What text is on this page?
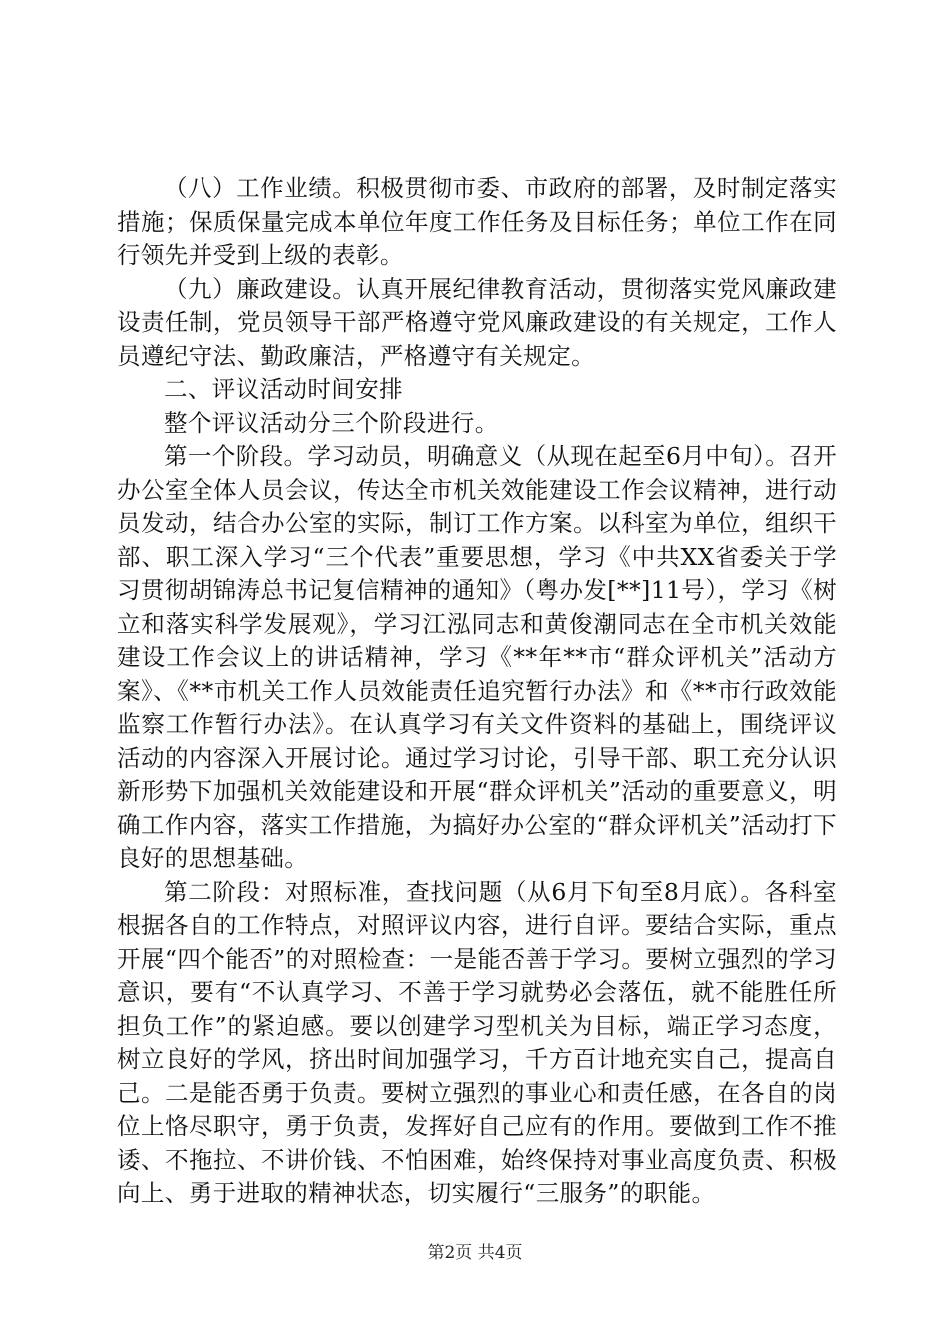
（八）工作业绩。积极贯彻市委、市政府的部署，及时制定落实措施；保质保量完成本单位年度工作任务及目标任务；单位工作在同行领先并受到上级的表彰。

（九）廉政建设。认真开展纪律教育活动，贯彻落实党风廉政建设责任制，党员领导干部严格遵守党风廉政建设的有关规定，工作人员遵纪守法、勤政廉洁，严格遵守有关规定。

二、评议活动时间安排

整个评议活动分三个阶段进行。

第一个阶段。学习动员，明确意义（从现在起至6月中旬）。召开办公室全体人员会议，传达全市机关效能建设工作会议精神，进行动员发动，结合办公室的实际，制订工作方案。以科室为单位，组织干部、职工深入学习“三个代表”重要思想，学习《中共XX省委关于学习贯彻胡锦涛总书记复信精神的通知》（粤办发[**]11号），学习《树立和落实科学发展观》，学习江泓同志和黄俊潮同志在全市机关效能建设工作会议上的讲话精神，学习《**年**市“群众评机关”活动方案》、《**市机关工作人员效能责任追究暂行办法》和《**市行政效能监察工作暂行办法》。在认真学习有关文件资料的基础上，围绕评议活动的内容深入开展讨论。通过学习讨论，引导干部、职工充分认识新形势下加强机关效能建设和开展“群众评机关”活动的重要意义，明确工作内容，落实工作措施，为搞好办公室的“群众评机关”活动打下良好的思想基础。

第二阶段：对照标准，查找问题（从6月下旬至8月底）。各科室根据各自的工作特点，对照评议内容，进行自评。要结合实际，重点开展“四个能否”的对照检查：一是能否善于学习。要树立强烈的学习意识，要有“不认真学习、不善于学习就势必会落伍，就不能胜任所担负工作”的紧迫感。要以创建学习型机关为目标，端正学习态度，树立良好的学风，挤出时间加强学习，千方百计地充实自己，提高自己。二是能否勇于负责。要树立强烈的事业心和责任感，在各自的岗位上恪尽职守，勇于负责，发挥好自己应有的作用。要做到工作不推诿、不拖拉、不讲价钱、不怕困难，始终保持对事业高度负责、积极向上、勇于进取的精神状态，切实履行“三服务”的职能。

第2页 共4页
